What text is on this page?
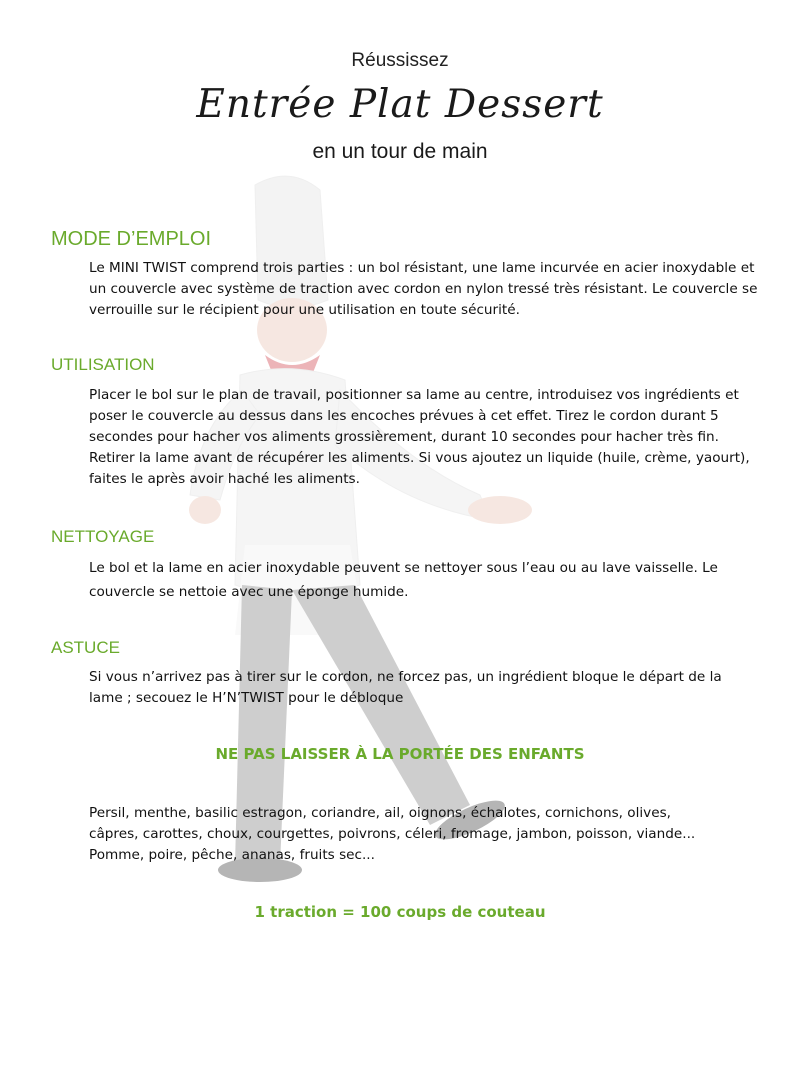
Réussissez
Entrée Plat Dessert
en un tour de main
MODE D’EMPLOI

Le MINI TWIST comprend trois parties : un bol résistant, une lame incurvée en acier inoxydable et un couvercle avec système de traction avec cordon en nylon tressé très résistant. Le couvercle se verrouille sur le récipient pour une utilisation en toute sécurité.

UTILISATION

Placer le bol sur le plan de travail, positionner sa lame au centre, introduisez vos ingrédients et poser le couvercle au dessus dans les encoches prévues à cet effet. Tirez le cordon durant 5 secondes pour hacher vos aliments grossièrement, durant 10 secondes pour hacher très fin. Retirer la lame avant de récupérer les aliments. Si vous ajoutez un liquide (huile, crème, yaourt), faites le après avoir haché les aliments.

NETTOYAGE

Le bol et la lame en acier inoxydable peuvent se nettoyer sous l’eau ou au lave vaisselle. Le couvercle se nettoie avec une éponge humide.

ASTUCE

Si vous n’arrivez pas à tirer sur le cordon, ne forcez pas, un ingrédient bloque le départ de la lame ; secouez le H’N’TWIST pour le débloque

NE PAS LAISSER À LA PORTÉE DES ENFANTS

Persil, menthe, basilic estragon, coriandre, ail, oignons, échalotes, cornichons, olives,
câpres, carottes, choux, courgettes, poivrons, céleri, fromage, jambon, poisson, viande...
Pomme, poire, pêche, ananas, fruits sec...

1 traction = 100 coups de couteau
